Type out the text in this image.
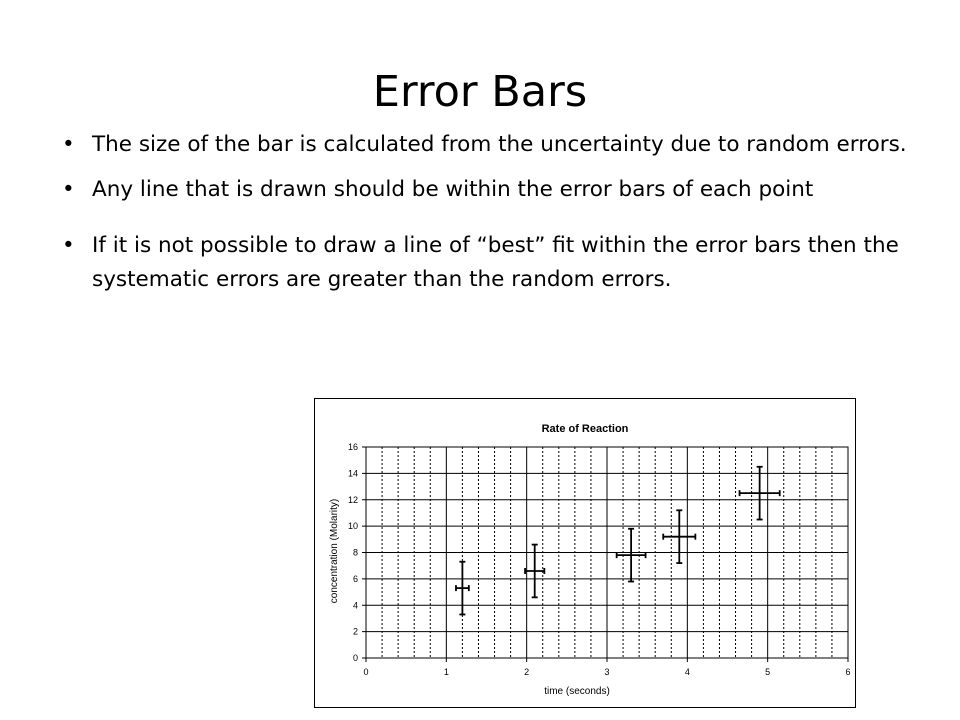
Error Bars
• The size of the bar is calculated from the uncertainty due to random errors.
• Any line that is drawn should be within the error bars of each point
• If it is not possible to draw a line of “best” fit within the error bars then the systematic errors are greater than the random errors.
Rate of Reaction
time (seconds)
concentration (Molarity)
0	1	2	3	4	5	6
0
2
4
6
8
10
12
14
16
